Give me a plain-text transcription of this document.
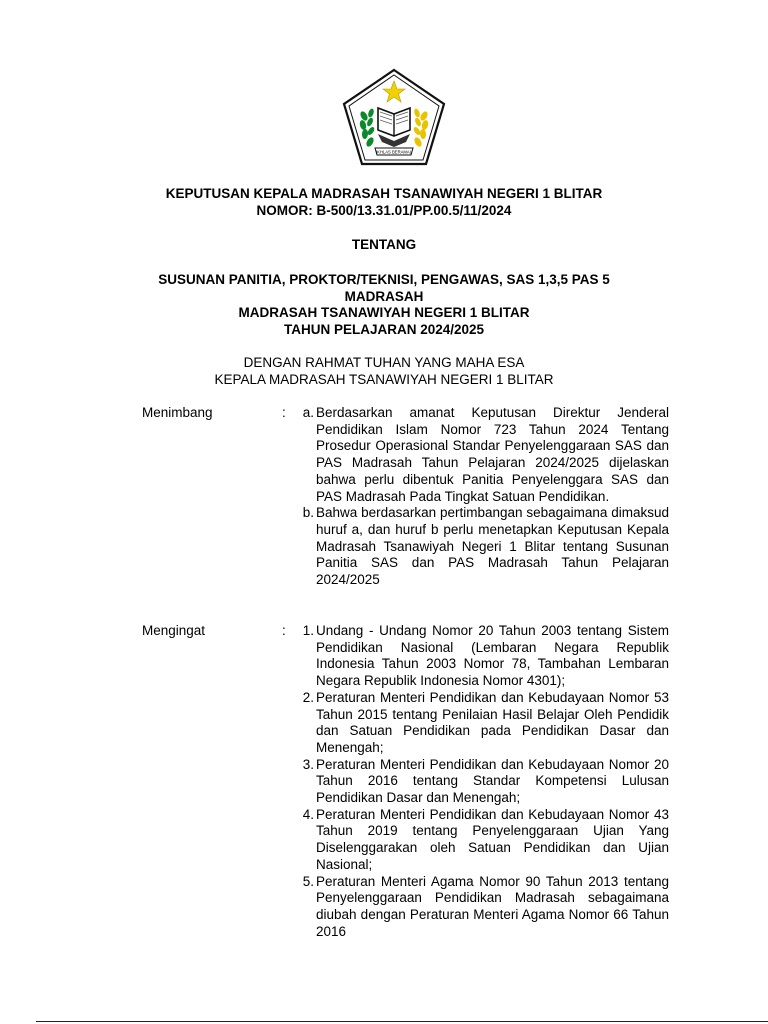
IKHLAS BERAMAL
KEPUTUSAN KEPALA MADRASAH TSANAWIYAH NEGERI 1 BLITAR
NOMOR: B-500/13.31.01/PP.00.5/11/2024
TENTANG
SUSUNAN PANITIA, PROKTOR/TEKNISI, PENGAWAS, SAS 1,3,5 PAS 5
MADRASAH
MADRASAH TSANAWIYAH NEGERI 1 BLITAR
TAHUN PELAJARAN 2024/2025
DENGAN RAHMAT TUHAN YANG MAHA ESA
KEPALA MADRASAH TSANAWIYAH NEGERI 1 BLITAR
Menimbang	:	a. Berdasarkan amanat Keputusan Direktur Jenderal Pendidikan Islam Nomor 723 Tahun 2024 Tentang Prosedur Operasional Standar Penyelenggaraan SAS dan PAS Madrasah Tahun Pelajaran 2024/2025 dijelaskan bahwa perlu dibentuk Panitia Penyelenggara SAS dan PAS Madrasah Pada Tingkat Satuan Pendidikan.
b. Bahwa berdasarkan pertimbangan sebagaimana dimaksud huruf a, dan huruf b perlu menetapkan Keputusan Kepala Madrasah Tsanawiyah Negeri 1 Blitar tentang Susunan Panitia SAS dan PAS Madrasah Tahun Pelajaran 2024/2025
Mengingat	:	1. Undang - Undang Nomor 20 Tahun 2003 tentang Sistem Pendidikan Nasional (Lembaran Negara Republik Indonesia Tahun 2003 Nomor 78, Tambahan Lembaran Negara Republik Indonesia Nomor 4301);
2. Peraturan Menteri Pendidikan dan Kebudayaan Nomor 53 Tahun 2015 tentang Penilaian Hasil Belajar Oleh Pendidik dan Satuan Pendidikan pada Pendidikan Dasar dan Menengah;
3. Peraturan Menteri Pendidikan dan Kebudayaan Nomor 20 Tahun 2016 tentang Standar Kompetensi Lulusan Pendidikan Dasar dan Menengah;
4. Peraturan Menteri Pendidikan dan Kebudayaan Nomor 43 Tahun 2019 tentang Penyelenggaraan Ujian Yang Diselenggarakan oleh Satuan Pendidikan dan Ujian Nasional;
5. Peraturan Menteri Agama Nomor 90 Tahun 2013 tentang Penyelenggaraan Pendidikan Madrasah sebagaimana diubah dengan Peraturan Menteri Agama Nomor 66 Tahun 2016
